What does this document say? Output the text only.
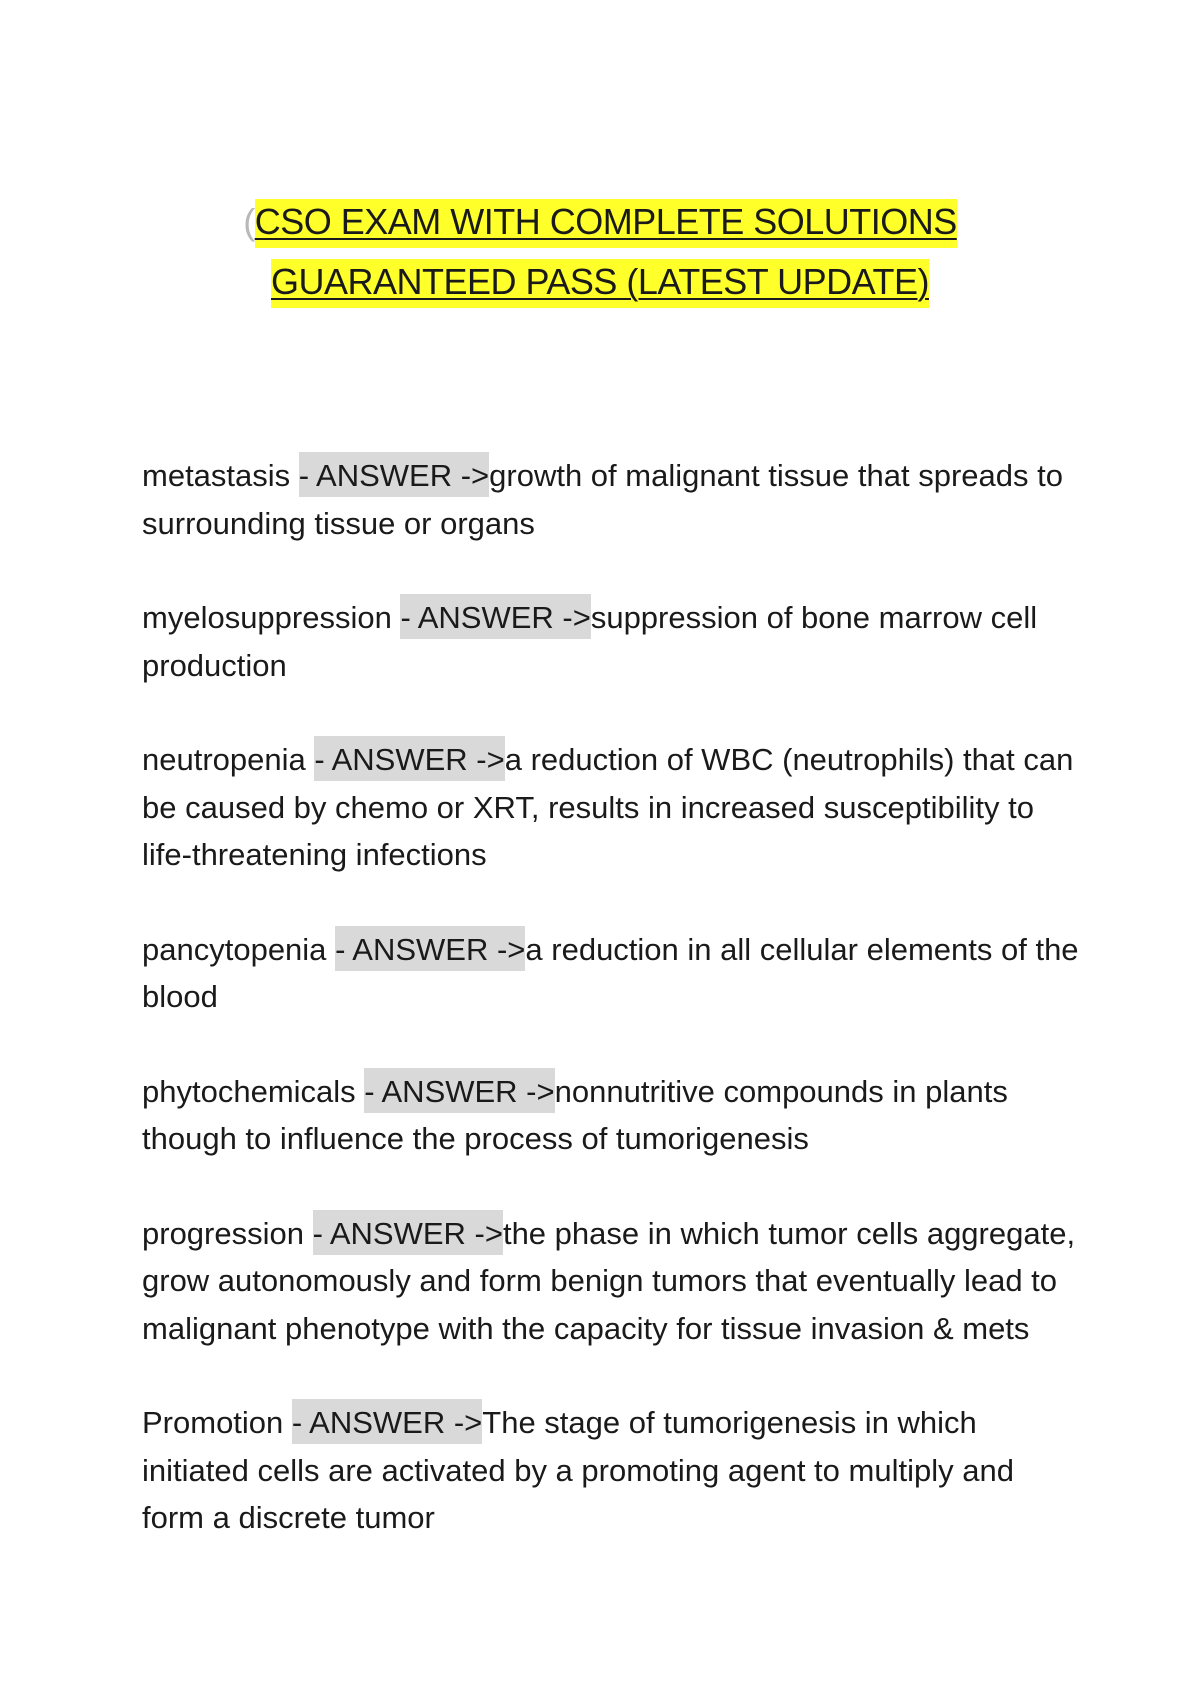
(CSO EXAM WITH COMPLETE SOLUTIONS
GUARANTEED PASS (LATEST UPDATE)

metastasis - ANSWER ->growth of malignant tissue that spreads to surrounding tissue or organs

myelosuppression - ANSWER ->suppression of bone marrow cell production

neutropenia - ANSWER ->a reduction of WBC (neutrophils) that can be caused by chemo or XRT, results in increased susceptibility to life-threatening infections

pancytopenia - ANSWER ->a reduction in all cellular elements of the blood

phytochemicals - ANSWER ->nonnutritive compounds in plants though to influence the process of tumorigenesis

progression - ANSWER ->the phase in which tumor cells aggregate, grow autonomously and form benign tumors that eventually lead to malignant phenotype with the capacity for tissue invasion & mets

Promotion - ANSWER ->The stage of tumorigenesis in which initiated cells are activated by a promoting agent to multiply and form a discrete tumor
